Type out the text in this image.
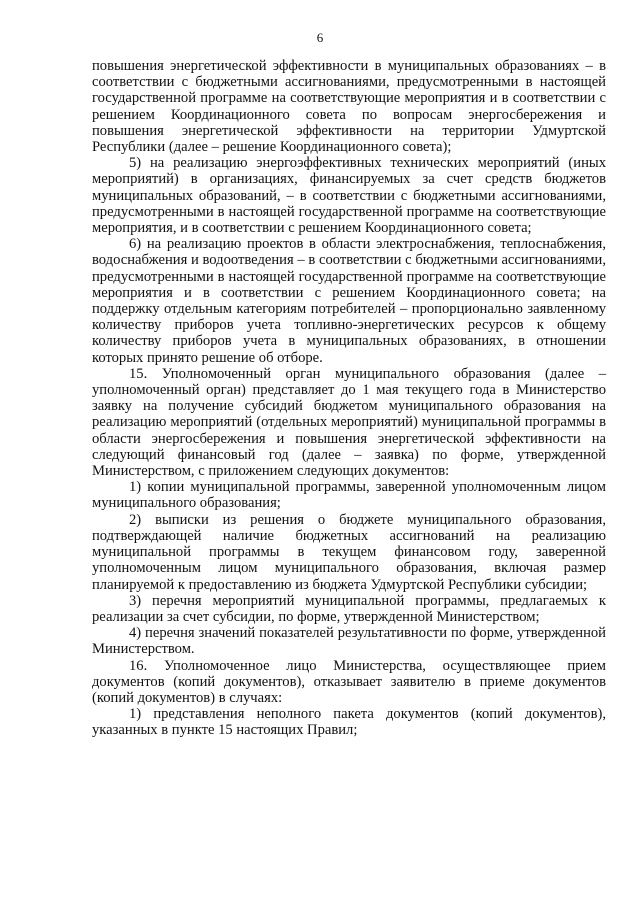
6

повышения энергетической эффективности в муниципальных образованиях – в соответствии с бюджетными ассигнованиями, предусмотренными в настоящей государственной программе на соответствующие мероприятия и в соответствии с решением Координационного совета по вопросам энергосбережения и повышения энергетической эффективности на территории Удмуртской Республики (далее – решение Координационного совета);

5) на реализацию энергоэффективных технических мероприятий (иных мероприятий) в организациях, финансируемых за счет средств бюджетов муниципальных образований, – в соответствии с бюджетными ассигнованиями, предусмотренными в настоящей государственной программе на соответствующие мероприятия, и в соответствии с решением Координационного совета;

6) на реализацию проектов в области электроснабжения, теплоснабжения, водоснабжения и водоотведения – в соответствии с бюджетными ассигнованиями, предусмотренными в настоящей государственной программе на соответствующие мероприятия и в соответствии с решением Координационного совета; на поддержку отдельным категориям потребителей – пропорционально заявленному количеству приборов учета топливно-энергетических ресурсов к общему количеству приборов учета в муниципальных образованиях, в отношении которых принято решение об отборе.

15. Уполномоченный орган муниципального образования (далее – уполномоченный орган) представляет до 1 мая текущего года в Министерство заявку на получение субсидий бюджетом муниципального образования на реализацию мероприятий (отдельных мероприятий) муниципальной программы в области энергосбережения и повышения энергетической эффективности на следующий финансовый год (далее – заявка) по форме, утвержденной Министерством, с приложением следующих документов:

1) копии муниципальной программы, заверенной уполномоченным лицом муниципального образования;

2) выписки из решения о бюджете муниципального образования, подтверждающей наличие бюджетных ассигнований на реализацию муниципальной программы в текущем финансовом году, заверенной уполномоченным лицом муниципального образования, включая размер планируемой к предоставлению из бюджета Удмуртской Республики субсидии;

3) перечня мероприятий муниципальной программы, предлагаемых к реализации за счет субсидии, по форме, утвержденной Министерством;

4) перечня значений показателей результативности по форме, утвержденной Министерством.

16. Уполномоченное лицо Министерства, осуществляющее прием документов (копий документов), отказывает заявителю в приеме документов (копий документов) в случаях:

1) представления неполного пакета документов (копий документов), указанных в пункте 15 настоящих Правил;
